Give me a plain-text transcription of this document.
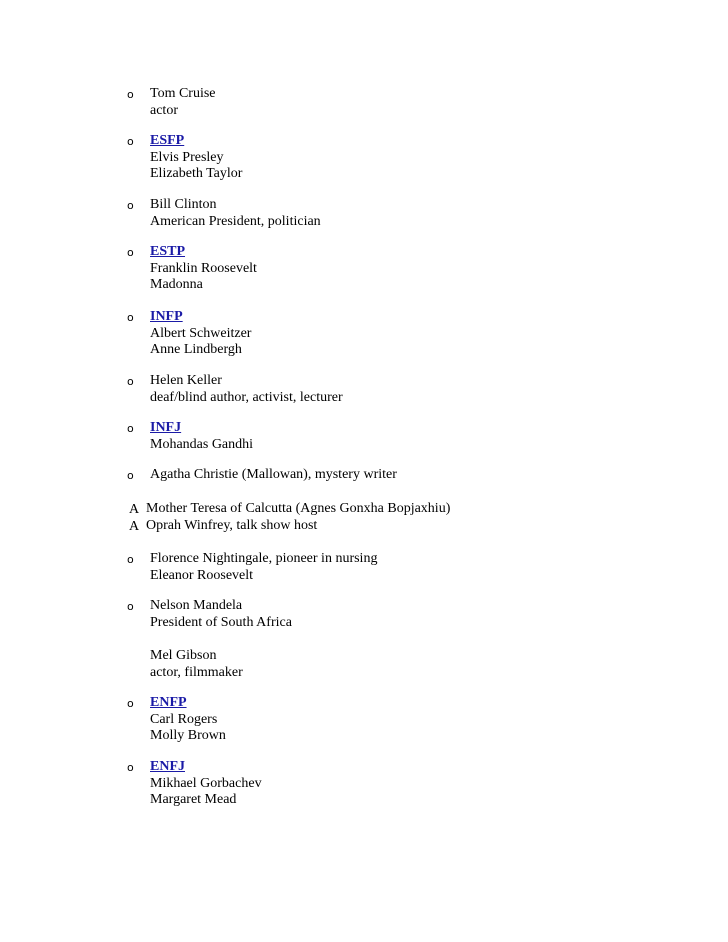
o Tom Cruise
actor
o ESFP
Elvis Presley
Elizabeth Taylor
o Bill Clinton
American President, politician
o ESTP
Franklin Roosevelt
Madonna
o INFP
Albert Schweitzer
Anne Lindbergh
o Helen Keller
deaf/blind author, activist, lecturer
o INFJ
Mohandas Gandhi
o Agatha Christie (Mallowan), mystery writer
A Mother Teresa of Calcutta (Agnes Gonxha Bopjaxhiu)
A Oprah Winfrey, talk show host
o Florence Nightingale, pioneer in nursing
Eleanor Roosevelt
o Nelson Mandela
President of South Africa
Mel Gibson
actor, filmmaker
o ENFP
Carl Rogers
Molly Brown
o ENFJ
Mikhael Gorbachev
Margaret Mead
